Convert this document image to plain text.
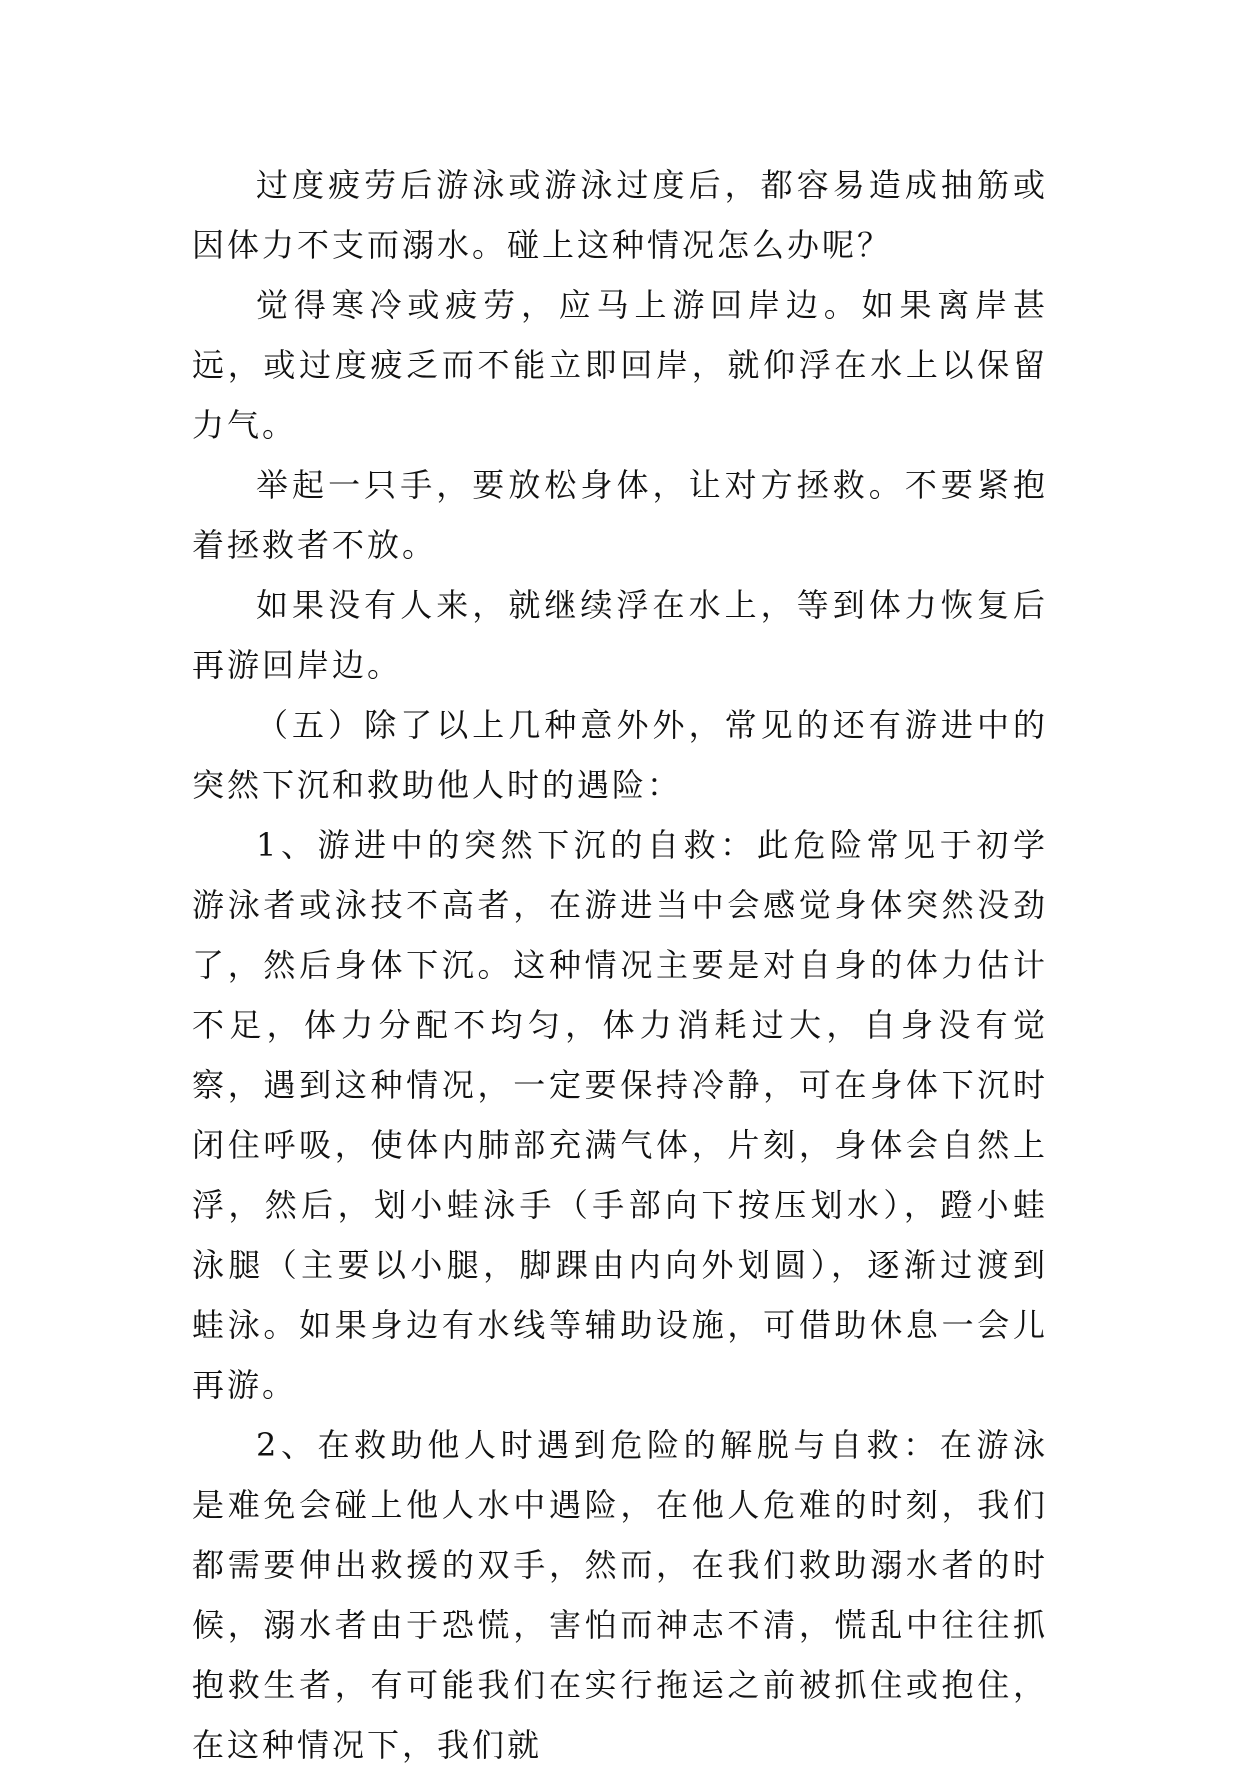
过度疲劳后游泳或游泳过度后，都容易造成抽筋或因体力不支而溺水。碰上这种情况怎么办呢？

觉得寒冷或疲劳，应马上游回岸边。如果离岸甚远，或过度疲乏而不能立即回岸，就仰浮在水上以保留力气。

举起一只手，要放松身体，让对方拯救。不要紧抱着拯救者不放。

如果没有人来，就继续浮在水上，等到体力恢复后再游回岸边。

（五）除了以上几种意外外，常见的还有游进中的突然下沉和救助他人时的遇险：

1、游进中的突然下沉的自救：此危险常见于初学游泳者或泳技不高者，在游进当中会感觉身体突然没劲了，然后身体下沉。这种情况主要是对自身的体力估计不足，体力分配不均匀，体力消耗过大，自身没有觉察，遇到这种情况，一定要保持冷静，可在身体下沉时闭住呼吸，使体内肺部充满气体，片刻，身体会自然上浮，然后，划小蛙泳手（手部向下按压划水），蹬小蛙泳腿（主要以小腿，脚踝由内向外划圆），逐渐过渡到蛙泳。如果身边有水线等辅助设施，可借助休息一会儿再游。

2、在救助他人时遇到危险的解脱与自救：在游泳是难免会碰上他人水中遇险，在他人危难的时刻，我们都需要伸出救援的双手，然而，在我们救助溺水者的时候，溺水者由于恐慌，害怕而神志不清，慌乱中往往抓抱救生者，有可能我们在实行拖运之前被抓住或抱住，在这种情况下，我们就
